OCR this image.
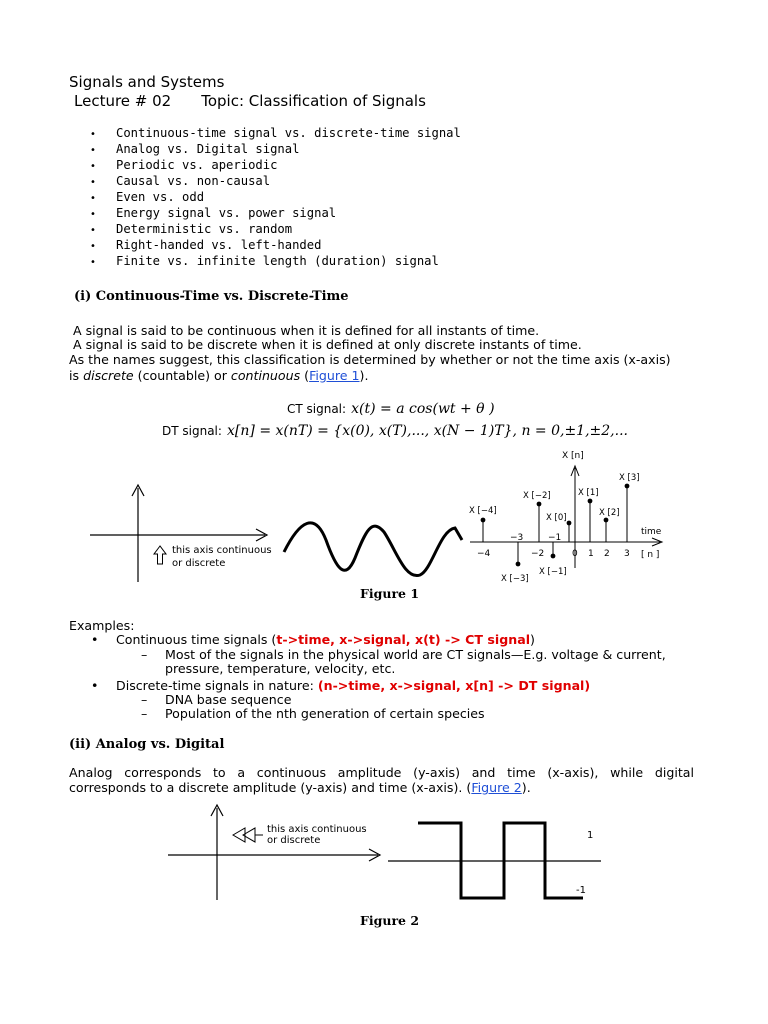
Signals and Systems
Lecture # 02 Topic: Classification of Signals
• Continuous-time signal vs. discrete-time signal
• Analog vs. Digital signal
• Periodic vs. aperiodic
• Causal vs. non-causal
• Even vs. odd
• Energy signal vs. power signal
• Deterministic vs. random
• Right-handed vs. left-handed
• Finite vs. infinite length (duration) signal
(i) Continuous-Time vs. Discrete-Time
A signal is said to be continuous when it is defined for all instants of time.
A signal is said to be discrete when it is defined at only discrete instants of time.
As the names suggest, this classification is determined by whether or not the time axis (x-axis)
is discrete (countable) or continuous (Figure 1).
CT signal: x(t) = a cos(wt + θ )
DT signal: x[n] = x(nT) = {x(0), x(T),..., x(N − 1)T}, n = 0,±1,±2,...
this axis continuous
or discrete
X [n]
time
[ n ]
X [−4]
X [−3]
X [−2]
X [−1]
X [0]
X [1]
X [2]
X [3]
−4
−3
−2
−1
0 1 2 3
Figure 1
Examples:
• Continuous time signals (t->time, x->signal, x(t) -> CT signal)
– Most of the signals in the physical world are CT signals—E.g. voltage & current,
pressure, temperature, velocity, etc.
• Discrete-time signals in nature: (n->time, x->signal, x[n] -> DT signal)
– DNA base sequence
– Population of the nth generation of certain species
(ii) Analog vs. Digital
Analog corresponds to a continuous amplitude (y-axis) and time (x-axis), while digital
corresponds to a discrete amplitude (y-axis) and time (x-axis). (Figure 2).
this axis continuous
or discrete	1
-1
Figure 2
